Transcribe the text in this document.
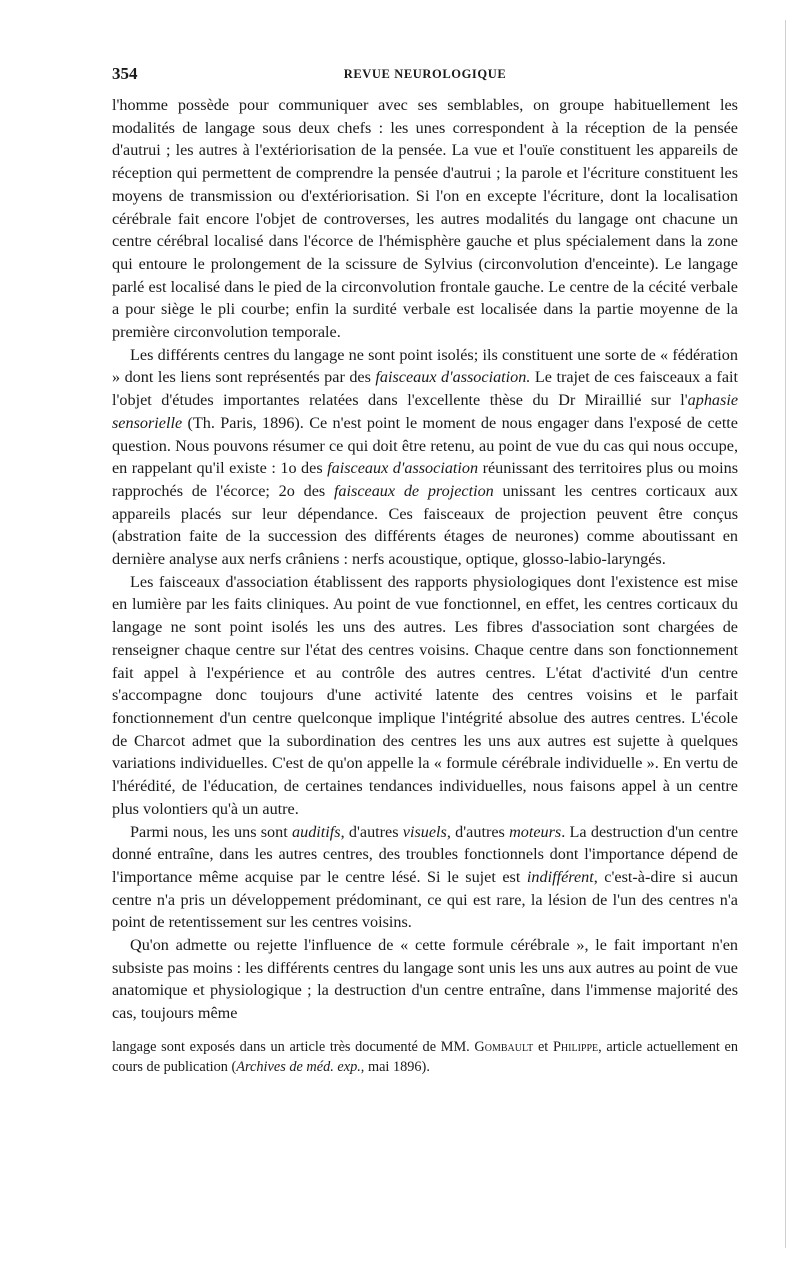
354	REVUE NEUROLOGIQUE

l'homme possède pour communiquer avec ses semblables, on groupe habituellement les modalités de langage sous deux chefs : les unes correspondent à la réception de la pensée d'autrui ; les autres à l'extériorisation de la pensée. La vue et l'ouïe constituent les appareils de réception qui permettent de comprendre la pensée d'autrui ; la parole et l'écriture constituent les moyens de transmission ou d'extériorisation. Si l'on en excepte l'écriture, dont la localisation cérébrale fait encore l'objet de controverses, les autres modalités du langage ont chacune un centre cérébral localisé dans l'écorce de l'hémisphère gauche et plus spécialement dans la zone qui entoure le prolongement de la scissure de Sylvius (circonvolution d'enceinte). Le langage parlé est localisé dans le pied de la circonvolution frontale gauche. Le centre de la cécité verbale a pour siège le pli courbe; enfin la surdité verbale est localisée dans la partie moyenne de la première circonvolution temporale.

Les différents centres du langage ne sont point isolés; ils constituent une sorte de « fédération » dont les liens sont représentés par des faisceaux d'association. Le trajet de ces faisceaux a fait l'objet d'études importantes relatées dans l'excellente thèse du Dr Miraillié sur l'aphasie sensorielle (Th. Paris, 1896). Ce n'est point le moment de nous engager dans l'exposé de cette question. Nous pouvons résumer ce qui doit être retenu, au point de vue du cas qui nous occupe, en rappelant qu'il existe : 1o des faisceaux d'association réunissant des territoires plus ou moins rapprochés de l'écorce; 2o des faisceaux de projection unissant les centres corticaux aux appareils placés sur leur dépendance. Ces faisceaux de projection peuvent être conçus (abstration faite de la succession des différents étages de neurones) comme aboutissant en dernière analyse aux nerfs crâniens : nerfs acoustique, optique, glosso-labio-laryngés.

Les faisceaux d'association établissent des rapports physiologiques dont l'existence est mise en lumière par les faits cliniques. Au point de vue fonctionnel, en effet, les centres corticaux du langage ne sont point isolés les uns des autres. Les fibres d'association sont chargées de renseigner chaque centre sur l'état des centres voisins. Chaque centre dans son fonctionnement fait appel à l'expérience et au contrôle des autres centres. L'état d'activité d'un centre s'accompagne donc toujours d'une activité latente des centres voisins et le parfait fonctionnement d'un centre quelconque implique l'intégrité absolue des autres centres. L'école de Charcot admet que la subordination des centres les uns aux autres est sujette à quelques variations individuelles. C'est de qu'on appelle la « formule cérébrale individuelle ». En vertu de l'hérédité, de l'éducation, de certaines tendances individuelles, nous faisons appel à un centre plus volontiers qu'à un autre.

Parmi nous, les uns sont auditifs, d'autres visuels, d'autres moteurs. La destruction d'un centre donné entraîne, dans les autres centres, des troubles fonctionnels dont l'importance dépend de l'importance même acquise par le centre lésé. Si le sujet est indifférent, c'est-à-dire si aucun centre n'a pris un développement prédominant, ce qui est rare, la lésion de l'un des centres n'a point de retentissement sur les centres voisins.

Qu'on admette ou rejette l'influence de « cette formule cérébrale », le fait important n'en subsiste pas moins : les différents centres du langage sont unis les uns aux autres au point de vue anatomique et physiologique ; la destruction d'un centre entraîne, dans l'immense majorité des cas, toujours même

langage sont exposés dans un article très documenté de MM. Gombault et Philippe, article actuellement en cours de publication (Archives de méd. exp., mai 1896).
